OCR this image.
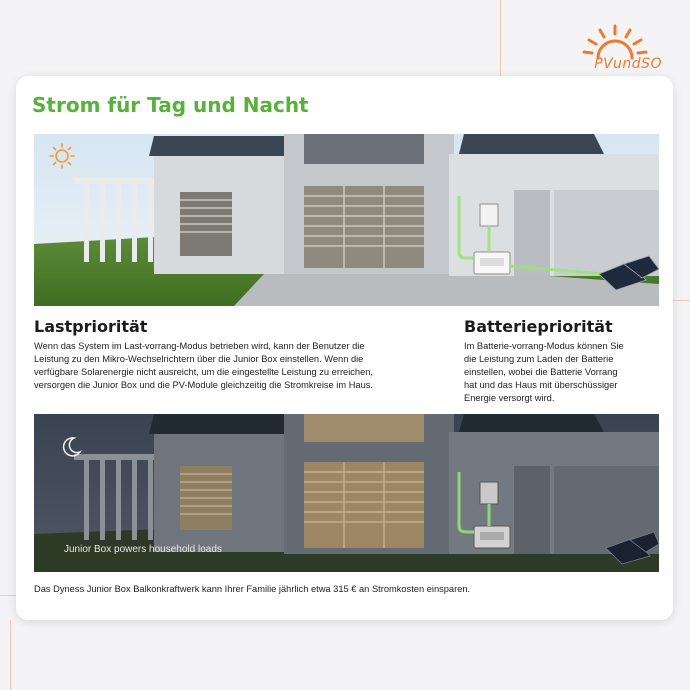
PVundSO
Strom für Tag und Nacht
Lastpriorität
Wenn das System im Last-vorrang-Modus betrieben wird, kann der Benutzer die
Leistung zu den Mikro-Wechselrichtern über die Junior Box einstellen. Wenn die
verfügbare Solarenergie nicht ausreicht, um die eingestellte Leistung zu erreichen,
versorgen die Junior Box und die PV-Module gleichzeitig die Stromkreise im Haus.
Batteriepriorität
Im Batterie-vorrang-Modus können Sie
die Leistung zum Laden der Batterie
einstellen, wobei die Batterie Vorrang
hat und das Haus mit überschüssiger
Energie versorgt wird.
Junior Box powers household loads
Das Dyness Junior Box Balkonkraftwerk kann Ihrer Familie jährlich etwa 315 € an Stromkosten einsparen.
